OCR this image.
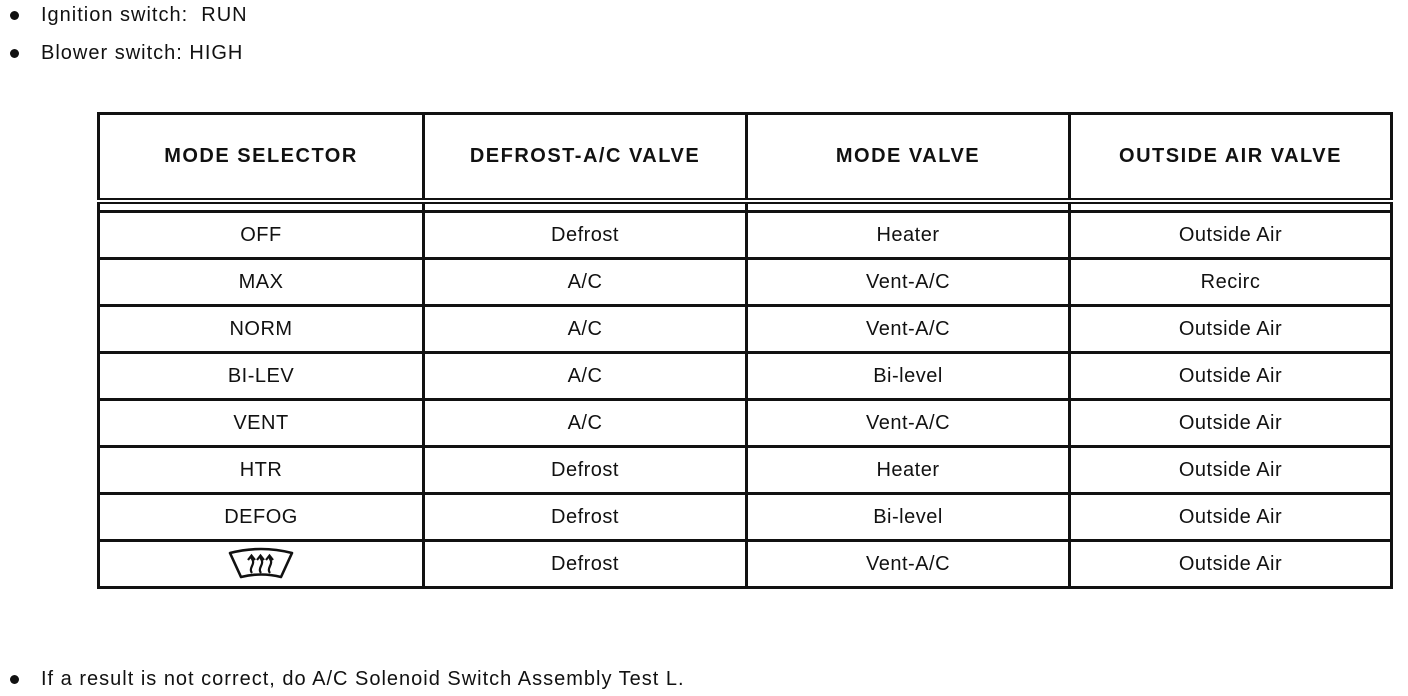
Ignition switch:
RUN
Blower switch:
HIGH
MODE SELECTOR	DEFROST-A/C VALVE	MODE VALVE	OUTSIDE AIR VALVE

OFF	Defrost	Heater	Outside Air
MAX	A/C	Vent-A/C	Recirc
NORM	A/C	Vent-A/C	Outside Air
BI-LEV	A/C	Bi-level	Outside Air
VENT	A/C	Vent-A/C	Outside Air
HTR	Defrost	Heater	Outside Air
DEFOG	Defrost	Bi-level	Outside Air
	Defrost	Vent-A/C	Outside Air
If a result is not correct, do A/C Solenoid Switch Assembly Test L.
